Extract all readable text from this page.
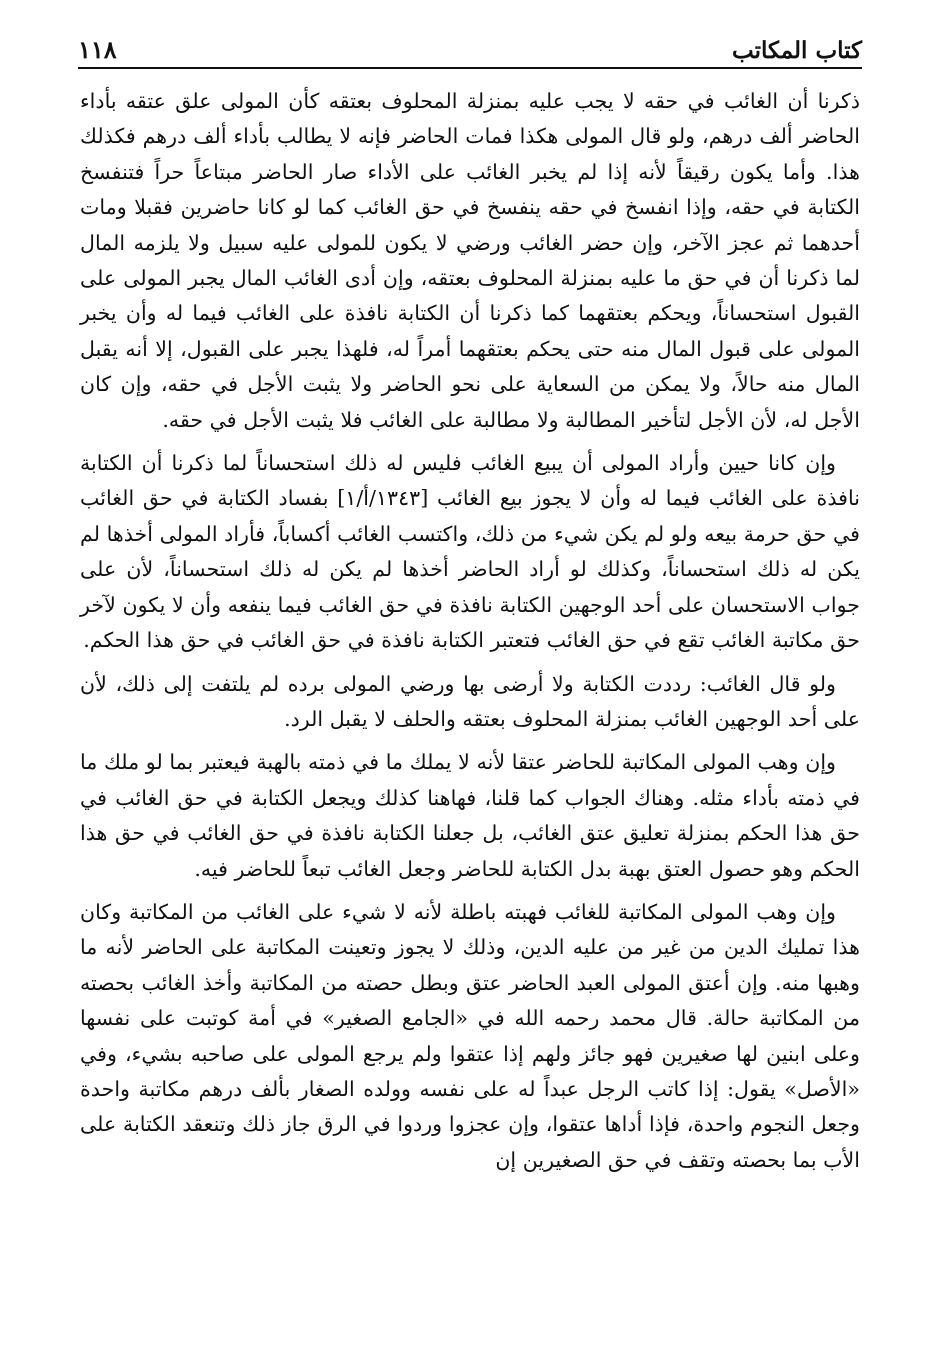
١١٨	كتاب المكاتب

ذكرنا أن الغائب في حقه لا يجب عليه بمنزلة المحلوف بعتقه كأن المولى علق عتقه بأداء الحاضر ألف درهم، ولو قال المولى هكذا فمات الحاضر فإنه لا يطالب بأداء ألف درهم فكذلك هذا. وأما يكون رقيقاً لأنه إذا لم يخبر الغائب على الأداء صار الحاضر مبتاعاً حراً فتنفسخ الكتابة في حقه، وإذا انفسخ في حقه ينفسخ في حق الغائب كما لو كانا حاضرين فقبلا ومات أحدهما ثم عجز الآخر، وإن حضر الغائب ورضي لا يكون للمولى عليه سبيل ولا يلزمه المال لما ذكرنا أن في حق ما عليه بمنزلة المحلوف بعتقه، وإن أدى الغائب المال يجبر المولى على القبول استحساناً، ويحكم بعتقهما كما ذكرنا أن الكتابة نافذة على الغائب فيما له وأن يخبر المولى على قبول المال منه حتى يحكم بعتقهما أمراً له، فلهذا يجبر على القبول، إلا أنه يقبل المال منه حالاً، ولا يمكن من السعاية على نحو الحاضر ولا يثبت الأجل في حقه، وإن كان الأجل له، لأن الأجل لتأخير المطالبة ولا مطالبة على الغائب فلا يثبت الأجل في حقه.

وإن كانا حيين وأراد المولى أن يبيع الغائب فليس له ذلك استحساناً لما ذكرنا أن الكتابة نافذة على الغائب فيما له وأن لا يجوز بيع الغائب [١٣٤٣/أ/١] بفساد الكتابة في حق الغائب في حق حرمة بيعه ولو لم يكن شيء من ذلك، واكتسب الغائب أكساباً، فأراد المولى أخذها لم يكن له ذلك استحساناً، وكذلك لو أراد الحاضر أخذها لم يكن له ذلك استحساناً، لأن على جواب الاستحسان على أحد الوجهين الكتابة نافذة في حق الغائب فيما ينفعه وأن لا يكون لآخر حق مكاتبة الغائب تقع في حق الغائب فتعتبر الكتابة نافذة في حق الغائب في حق هذا الحكم.

ولو قال الغائب: رددت الكتابة ولا أرضى بها ورضي المولى برده لم يلتفت إلى ذلك، لأن على أحد الوجهين الغائب بمنزلة المحلوف بعتقه والحلف لا يقبل الرد.

وإن وهب المولى المكاتبة للحاضر عتقا لأنه لا يملك ما في ذمته بالهبة فيعتبر بما لو ملك ما في ذمته بأداء مثله. وهناك الجواب كما قلنا، فهاهنا كذلك ويجعل الكتابة في حق الغائب في حق هذا الحكم بمنزلة تعليق عتق الغائب، بل جعلنا الكتابة نافذة في حق الغائب في حق هذا الحكم وهو حصول العتق بهبة بدل الكتابة للحاضر وجعل الغائب تبعاً للحاضر فيه.

وإن وهب المولى المكاتبة للغائب فهبته باطلة لأنه لا شيء على الغائب من المكاتبة وكان هذا تمليك الدين من غير من عليه الدين، وذلك لا يجوز وتعينت المكاتبة على الحاضر لأنه ما وهبها منه. وإن أعتق المولى العبد الحاضر عتق وبطل حصته من المكاتبة وأخذ الغائب بحصته من المكاتبة حالة. قال محمد رحمه الله في «الجامع الصغير» في أمة كوتبت على نفسها وعلى ابنين لها صغيرين فهو جائز ولهم إذا عتقوا ولم يرجع المولى على صاحبه بشيء، وفي «الأصل» يقول: إذا كاتب الرجل عبداً له على نفسه وولده الصغار بألف درهم مكاتبة واحدة وجعل النجوم واحدة، فإذا أداها عتقوا، وإن عجزوا وردوا في الرق جاز ذلك وتنعقد الكتابة على الأب بما بحصته وتقف في حق الصغيرين إن
